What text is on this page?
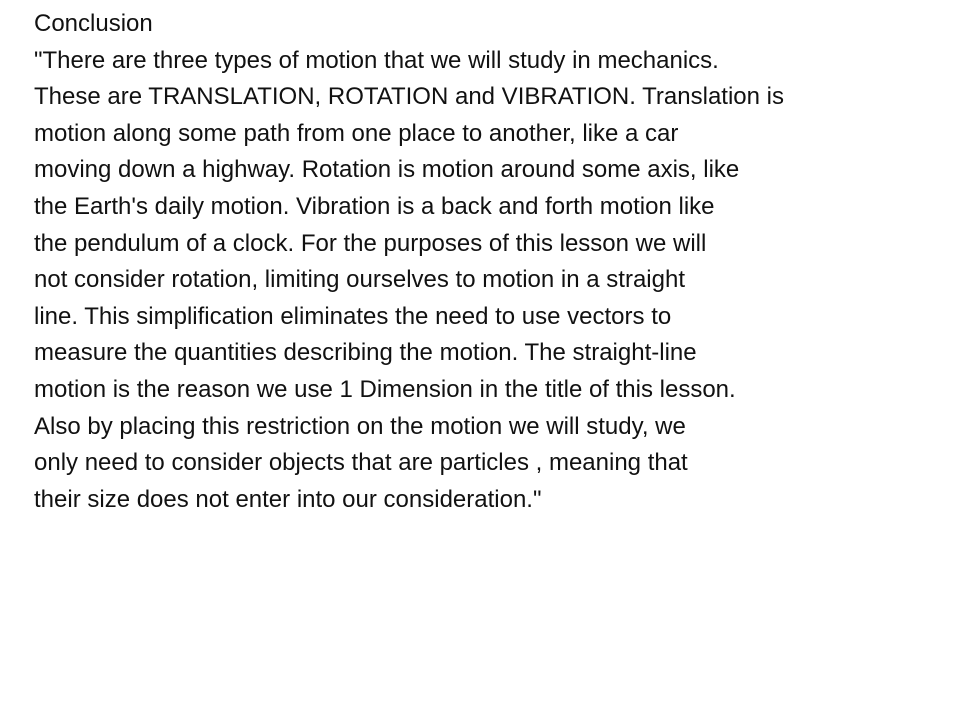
Conclusion
"There are three types of motion that we will study in mechanics.
These are TRANSLATION, ROTATION and VIBRATION. Translation is
motion along some path from one place to another, like a car
moving down a highway. Rotation is motion around some axis, like
the Earth's daily motion. Vibration is a back and forth motion like
the pendulum of a clock. For the purposes of this lesson we will
not consider rotation, limiting ourselves to motion in a straight
line. This simplification eliminates the need to use vectors to
measure the quantities describing the motion. The straight-line
motion is the reason we use 1 Dimension in the title of this lesson.
Also by placing this restriction on the motion we will study, we
only need to consider objects that are particles , meaning that
their size does not enter into our consideration."
